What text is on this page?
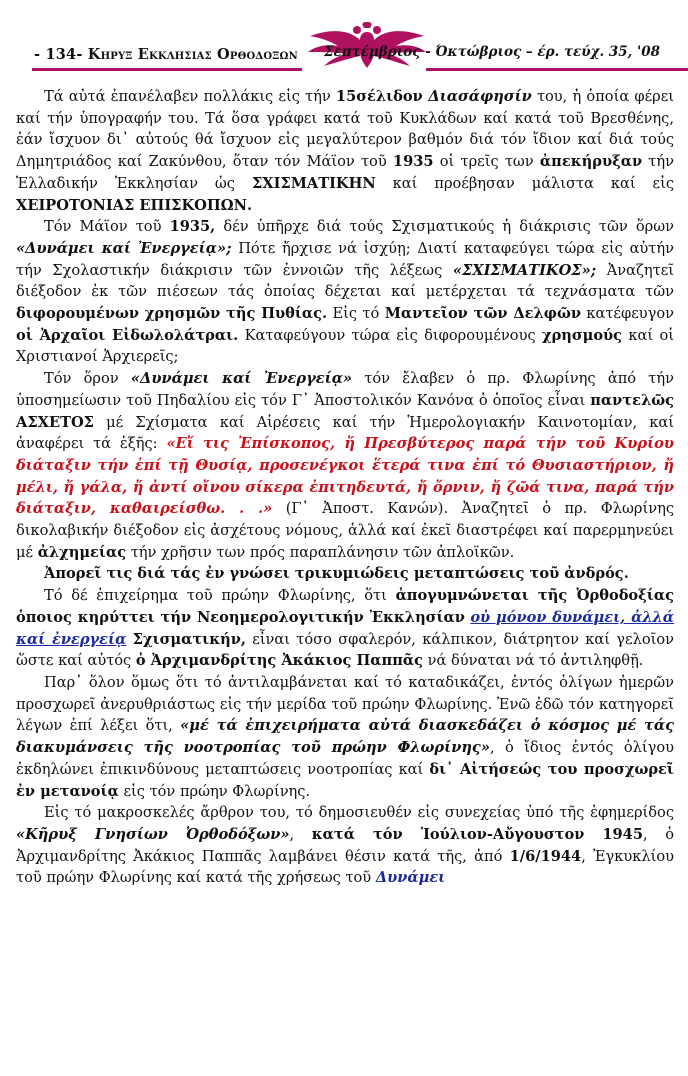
- 134- Κηρυξ Εκκλησιας Ορθοδοξων Σεπτέμβριος - Όκτώβριος – έρ. τεύχ. 35, '08

Τά αὐτά ἐπανέλαβεν πολλάκις εἰς τήν 15σέλιδον Διασάφησίν του, ἡ ὁποία φέρει καί τήν ὑπογραφήν του. Τά ὅσα γράφει κατά τοῦ Κυκλάδων καί κατά τοῦ Βρεσθένης, ἐάν ἴσχυον δι᾽ αὐτούς θά ἴσχυον εἰς μεγαλύτερον βαθμόν διά τόν ἴδιον καί διά τούς Δημητριάδος καί Ζακύνθου, ὅταν τόν Μάϊον τοῦ 1935 οἱ τρεῖς των ἀπεκήρυξαν τήν Ἑλλαδικήν Ἐκκλησίαν ὡς ΣΧΙΣΜΑΤΙΚΗΝ καί προέβησαν μάλιστα καί εἰς ΧΕΙΡΟΤΟΝΙΑΣ ΕΠΙΣΚΟΠΩΝ.

Τόν Μάϊον τοῦ 1935, δέν ὑπῆρχε διά τούς Σχισματικούς ἡ διάκρισις τῶν ὅρων «Δυνάμει καί Ἐνεργείᾳ»; Πότε ἤρχισε νά ἰσχύῃ; Διατί καταφεύγει τώρα εἰς αὐτήν τήν Σχολαστικήν διάκρισιν τῶν ἐννοιῶν τῆς λέξεως «ΣΧΙΣΜΑΤΙΚΟΣ»; Ἀναζητεῖ διέξοδον ἐκ τῶν πιέσεων τάς ὁποίας δέχεται καί μετέρχεται τά τεχνάσματα τῶν διφορουμένων χρησμῶν τῆς Πυθίας. Εἰς τό Μαντεῖον τῶν Δελφῶν κατέφευγον οἱ Ἀρχαῖοι Εἰδωλολάτραι. Καταφεύγουν τώρα εἰς διφορουμένους χρησμούς καί οἱ Χριστιανοί Ἀρχιερεῖς;

Τόν ὅρον «Δυνάμει καί Ἐνεργείᾳ» τόν ἔλαβεν ὁ πρ. Φλωρίνης ἀπό τήν ὑποσημείωσιν τοῦ Πηδαλίου εἰς τόν Γ᾽ Ἀποστολικόν Κανόνα ὁ ὁποῖος εἶναι παντελῶς ΑΣΧΕΤΟΣ μέ Σχίσματα καί Αἱρέσεις καί τήν Ἡμερολογιακήν Καινοτομίαν, καί ἀναφέρει τά ἑξῆς: «Εἴ τις Ἐπίσκοπος, ἤ Πρεσβύτερος παρά τήν τοῦ Κυρίου διάταξιν τήν ἐπί τῇ Θυσίᾳ, προσενέγκοι ἕτερά τινα ἐπί τό Θυσιαστήριον, ἤ μέλι, ἤ γάλα, ἤ ἀντί οἴνου σίκερα ἐπιτηδευτά, ἤ ὄρνιν, ἤ ζῶά τινα, παρά τήν διάταξιν, καθαιρείσθω. . .» (Γ᾽ Ἀποστ. Κανών). Ἀναζητεῖ ὁ πρ. Φλωρίνης δικολαβικήν διέξοδον εἰς ἀσχέτους νόμους, ἀλλά καί ἐκεῖ διαστρέφει καί παρερμηνεύει μέ ἀλχημείας τήν χρῆσιν των πρός παραπλάνησιν τῶν ἀπλοϊκῶν.

Ἀπορεῖ τις διά τάς ἐν γνώσει τρικυμιώδεις μεταπτώσεις τοῦ ἀνδρός.

Τό δέ ἐπιχείρημα τοῦ πρώην Φλωρίνης, ὅτι ἀπογυμνώνεται τῆς Ὀρθοδοξίας ὁποιος κηρύττει τήν Νεοημερολογιτικήν Ἐκκλησίαν οὐ μόνον δυνάμει, ἀλλά καί ἐνεργείᾳ Σχισματικήν, εἶναι τόσο σφαλερόν, κάλπικον, διάτρητον καί γελοῖον ὥστε καί αὐτός ὁ Ἀρχιμανδρίτης Ἀκάκιος Παππᾶς νά δύναται νά τό ἀντιληφθῇ.

Παρ᾽ ὅλον ὅμως ὅτι τό ἀντιλαμβάνεται καί τό καταδικάζει, ἐντός ὀλίγων ἡμερῶν προσχωρεῖ ἀνερυθριάστως εἰς τήν μερίδα τοῦ πρώην Φλωρίνης. Ἐνῶ ἐδῶ τόν κατηγορεῖ λέγων ἐπί λέξει ὅτι, «μέ τά ἐπιχειρήματα αὐτά διασκεδάζει ὁ κόσμος μέ τάς διακυμάνσεις τῆς νοοτροπίας τοῦ πρώην Φλωρίνης», ὁ ἴδιος ἐντός ὀλίγου ἐκδηλώνει ἐπικινδύνους μεταπτώσεις νοοτροπίας καί δι᾽ Αἰτήσεώς του προσχωρεῖ ἐν μετανοίᾳ εἰς τόν πρώην Φλωρίνης.

Εἰς τό μακροσκελές ἄρθρον του, τό δημοσιευθέν εἰς συνεχείας ὑπό τῆς ἐφημερίδος «Κῆρυξ Γνησίων Ὀρθοδόξων», κατά τόν Ἰούλιον-Αὔγουστον 1945, ὁ Ἀρχιμανδρίτης Ἀκάκιος Παππᾶς λαμβάνει θέσιν κατά τῆς, ἀπό 1/6/1944, Ἐγκυκλίου τοῦ πρώην Φλωρίνης καί κατά τῆς χρήσεως τοῦ Δυνάμει
